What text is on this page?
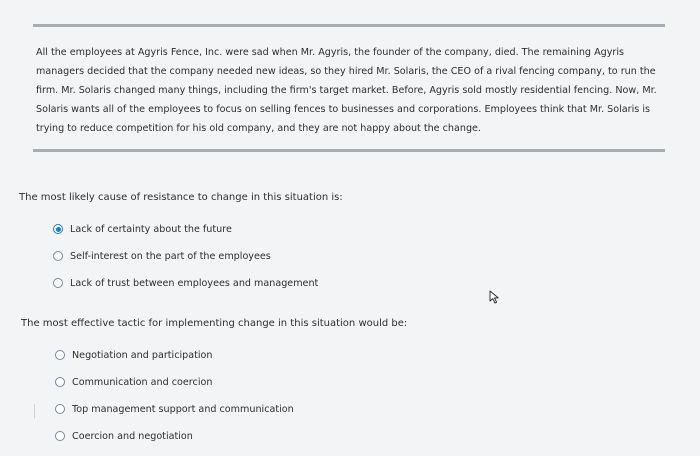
All the employees at Agyris Fence, Inc. were sad when Mr. Agyris, the founder of the company, died. The remaining Agyris managers decided that the company needed new ideas, so they hired Mr. Solaris, the CEO of a rival fencing company, to run the firm. Mr. Solaris changed many things, including the firm's target market. Before, Agyris sold mostly residential fencing. Now, Mr. Solaris wants all of the employees to focus on selling fences to businesses and corporations. Employees think that Mr. Solaris is trying to reduce competition for his old company, and they are not happy about the change.

The most likely cause of resistance to change in this situation is:
Lack of certainty about the future
Self-interest on the part of the employees
Lack of trust between employees and management
The most effective tactic for implementing change in this situation would be:
Negotiation and participation
Communication and coercion
Top management support and communication
Coercion and negotiation
